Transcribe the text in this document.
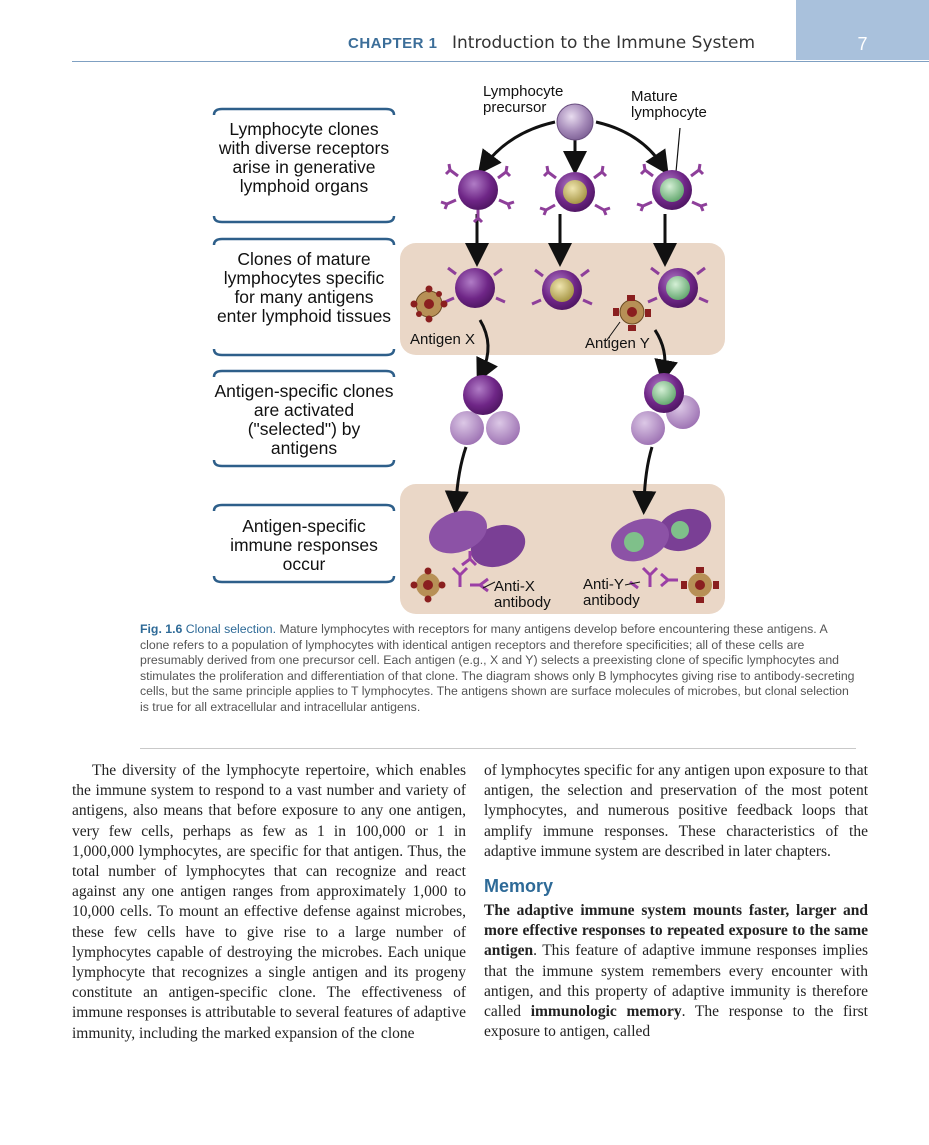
CHAPTER 1 Introduction to the Immune System	7
Lymphocyte clones with diverse receptors arise in generative lymphoid organs
Clones of mature lymphocytes specific for many antigens enter lymphoid tissues
Antigen-specific clones are activated ("selected") by antigens
Antigen-specific immune responses occur
Lymphocyte
precursor
Mature
lymphocyte
Antigen X	Antigen Y
Anti-X
antibody
Anti-Y
antibody
Fig. 1.6 Clonal selection. Mature lymphocytes with receptors for many antigens develop before encountering these antigens. A clone refers to a population of lymphocytes with identical antigen receptors and therefore specificities; all of these cells are presumably derived from one precursor cell. Each antigen (e.g., X and Y) selects a preexisting clone of specific lymphocytes and stimulates the proliferation and differentiation of that clone. The diagram shows only B lymphocytes giving rise to antibody-secreting cells, but the same principle applies to T lymphocytes. The antigens shown are surface molecules of microbes, but clonal selection is true for all extracellular and intracellular antigens.

The diversity of the lymphocyte repertoire, which enables the immune system to respond to a vast number and variety of antigens, also means that before exposure to any one antigen, very few cells, perhaps as few as 1 in 100,000 or 1 in 1,000,000 lymphocytes, are specific for that antigen. Thus, the total number of lymphocytes that can recognize and react against any one antigen ranges from approximately 1,000 to 10,000 cells. To mount an effective defense against microbes, these few cells have to give rise to a large number of lymphocytes capable of destroying the microbes. Each unique lymphocyte that recognizes a single antigen and its progeny constitute an antigen-specific clone. The effectiveness of immune responses is attributable to several features of adaptive immunity, including the marked expansion of the clone

of lymphocytes specific for any antigen upon exposure to that antigen, the selection and preservation of the most potent lymphocytes, and numerous positive feedback loops that amplify immune responses. These characteristics of the adaptive immune system are described in later chapters.

Memory

The adaptive immune system mounts faster, larger and more effective responses to repeated exposure to the same antigen. This feature of adaptive immune responses implies that the immune system remembers every encounter with antigen, and this property of adaptive immunity is therefore called immunologic memory. The response to the first exposure to antigen, called
